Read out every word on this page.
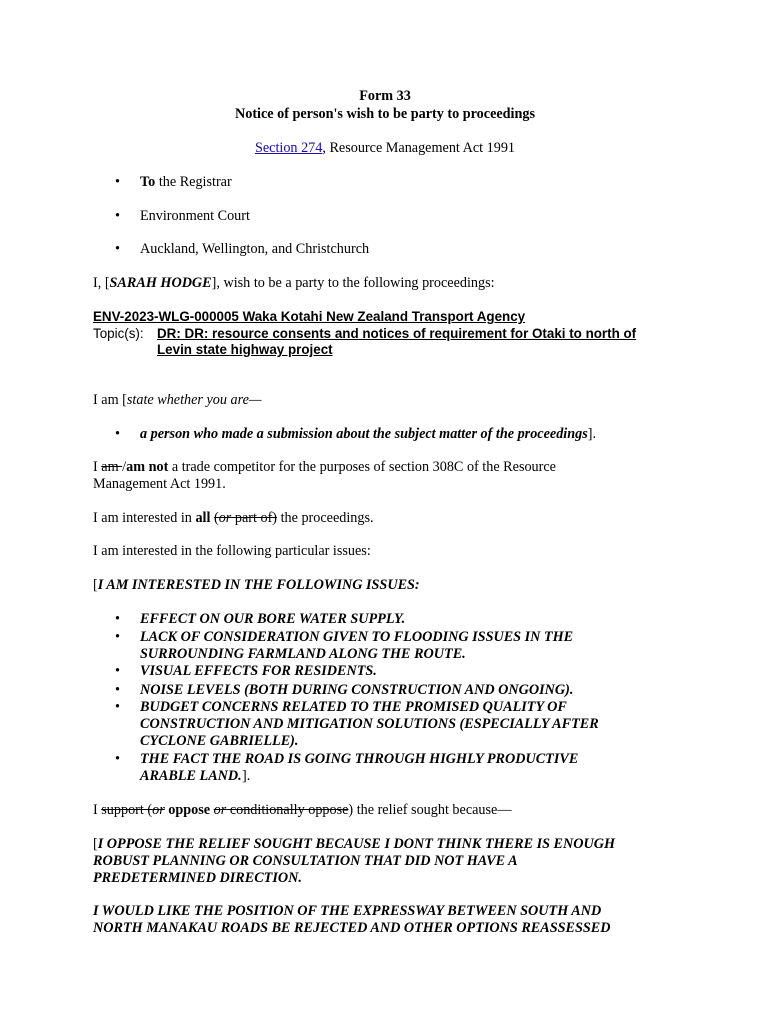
Form 33
Notice of person's wish to be party to proceedings
Section 274, Resource Management Act 1991
• To the Registrar
• Environment Court
• Auckland, Wellington, and Christchurch
I, [SARAH HODGE], wish to be a party to the following proceedings:
ENV-2023-WLG-000005 Waka Kotahi New Zealand Transport Agency
Topic(s): DR: DR: resource consents and notices of requirement for Otaki to north of
Levin state highway project
I am [state whether you are—
• a person who made a submission about the subject matter of the proceedings].
I am /am not a trade competitor for the purposes of section 308C of the Resource
Management Act 1991.
I am interested in all (or part of) the proceedings.
I am interested in the following particular issues:
[I AM INTERESTED IN THE FOLLOWING ISSUES:
• EFFECT ON OUR BORE WATER SUPPLY.
• LACK OF CONSIDERATION GIVEN TO FLOODING ISSUES IN THE
SURROUNDING FARMLAND ALONG THE ROUTE.
• VISUAL EFFECTS FOR RESIDENTS.
• NOISE LEVELS (BOTH DURING CONSTRUCTION AND ONGOING).
• BUDGET CONCERNS RELATED TO THE PROMISED QUALITY OF
CONSTRUCTION AND MITIGATION SOLUTIONS (ESPECIALLY AFTER
CYCLONE GABRIELLE).
• THE FACT THE ROAD IS GOING THROUGH HIGHLY PRODUCTIVE
ARABLE LAND. ].
I support (or oppose or conditionally oppose) the relief sought because—
[I OPPOSE THE RELIEF SOUGHT BECAUSE I DONT THINK THERE IS ENOUGH
ROBUST PLANNING OR CONSULTATION THAT DID NOT HAVE A
PREDETERMINED DIRECTION.
I WOULD LIKE THE POSITION OF THE EXPRESSWAY BETWEEN SOUTH AND
NORTH MANAKAU ROADS BE REJECTED AND OTHER OPTIONS REASSESSED
